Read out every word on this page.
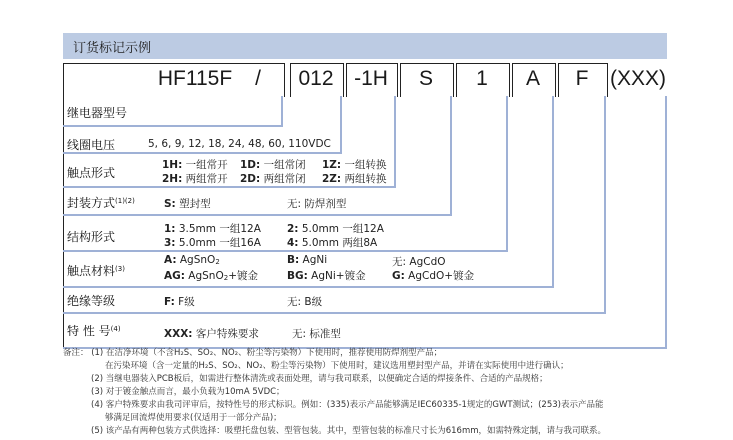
订货标记示例
HF115F	/	012 -1H	S	1	A	F	(XXX)
继电器型号
线圈电压	5, 6, 9, 12, 18, 24, 48, 60, 110VDC
触点形式
1H: 一组常开 1D: 一组常闭 1Z: 一组转换
2H: 两组常开 2D: 两组常闭 2Z: 两组转换
封装方式$^{(1)(2)}$	S: 塑封型	无: 防焊剂型
结构形式
1: 3.5mm 一组12A 2: 5.0mm 一组12A
3: 5.0mm 一组16A 4: 5.0mm 两组8A
触点材料$^{(3)}$
A: AgSnO2	B: AgNi	无: AgCdO
AG: AgSnO2+镀金	BG: AgNi+镀金	G: AgCdO+镀金
绝缘等级	F: F级	无: B级
特 性 号$^{(4)}$	XXX: 客户特殊要求	无: 标准型
备注： (1) 在洁净环境（不含H₂S、SO₂、NO₂、粉尘等污染物）下使用时，推荐使用防焊剂型产品；
在污染环境（含一定量的H₂S、SO₂、NO₂、粉尘等污染物）下使用时，建议选用塑封型产品，并请在实际使用中进行确认；
(2) 当继电器装入PCB板后，如需进行整体清洗或表面处理，请与我司联系，以便确定合适的焊接条件、合适的产品规格；
(3) 对于镀金触点而言，最小负载为10mA 5VDC；
(4) 客户特殊要求由我司评审后，按特性号的形式标识。例如：(335)表示产品能够满足IEC60335-1规定的GWT测试；(253)表示产品能
够满足回流焊使用要求(仅适用于一部分产品)；
(5) 该产品有两种包装方式供选择：吸塑托盘包装、型管包装。其中，型管包装的标准尺寸长为616mm，如需特殊定制，请与我司联系。
